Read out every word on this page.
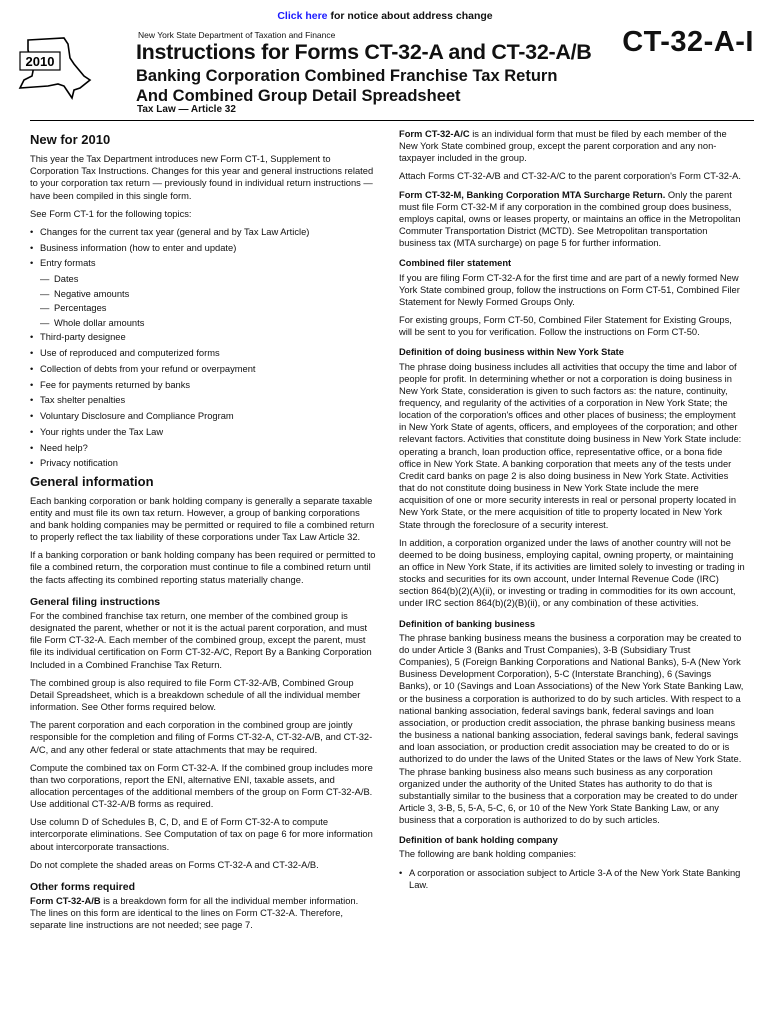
Click here for notice about address change
2010
New York State Department of Taxation and Finance	CT-32-A-I
Instructions for Forms CT-32-A and CT-32-A/B
Banking Corporation Combined Franchise Tax Return
And Combined Group Detail Spreadsheet
Tax Law — Article 32
New for 2010

This year the Tax Department introduces new Form CT-1, Supplement to Corporation Tax Instructions. Changes for this year and general instructions related to your corporation tax return — previously found in individual return instructions — have been compiled in this single form.

See Form CT-1 for the following topics:

• Changes for the current tax year (general and by Tax Law Article)
• Business information (how to enter and update)
• Entry formats
— Dates
— Negative amounts
— Percentages
— Whole dollar amounts
• Third-party designee
• Use of reproduced and computerized forms
• Collection of debts from your refund or overpayment
• Fee for payments returned by banks
• Tax shelter penalties
• Voluntary Disclosure and Compliance Program
• Your rights under the Tax Law
• Need help?
• Privacy notification
General information

Each banking corporation or bank holding company is generally a separate taxable entity and must file its own tax return. However, a group of banking corporations and bank holding companies may be permitted or required to file a combined return to properly reflect the tax liability of these corporations under Tax Law Article 32.

If a banking corporation or bank holding company has been required or permitted to file a combined return, the corporation must continue to file a combined return until the facts affecting its combined reporting status materially change.

General filing instructions

For the combined franchise tax return, one member of the combined group is designated the parent, whether or not it is the actual parent corporation, and must file Form CT-32-A. Each member of the combined group, except the parent, must file its individual certification on Form CT-32-A/C, Report By a Banking Corporation Included in a Combined Franchise Tax Return.

The combined group is also required to file Form CT-32-A/B, Combined Group Detail Spreadsheet, which is a breakdown schedule of all the individual member information. See Other forms required below.

The parent corporation and each corporation in the combined group are jointly responsible for the completion and filing of Forms CT-32-A, CT-32-A/B, and CT-32-A/C, and any other federal or state attachments that may be required.

Compute the combined tax on Form CT-32-A. If the combined group includes more than two corporations, report the ENI, alternative ENI, taxable assets, and allocation percentages of the additional members of the group on Form CT-32-A/B. Use additional CT-32-A/B forms as required.

Use column D of Schedules B, C, D, and E of Form CT-32-A to compute intercorporate eliminations. See Computation of tax on page 6 for more information about intercorporate transactions.

Do not complete the shaded areas on Forms CT-32-A and CT-32-A/B.

Other forms required

Form CT-32-A/B is a breakdown form for all the individual member information. The lines on this form are identical to the lines on Form CT-32-A. Therefore, separate line instructions are not needed; see page 7.

Form CT-32-A/C is an individual form that must be filed by each member of the New York State combined group, except the parent corporation and any non-taxpayer included in the group.

Attach Forms CT-32-A/B and CT-32-A/C to the parent corporation's Form CT-32-A.

Form CT-32-M, Banking Corporation MTA Surcharge Return. Only the parent must file Form CT-32-M if any corporation in the combined group does business, employs capital, owns or leases property, or maintains an office in the Metropolitan Commuter Transportation District (MCTD). See Metropolitan transportation business tax (MTA surcharge) on page 5 for further information.

Combined filer statement

If you are filing Form CT-32-A for the first time and are part of a newly formed New York State combined group, follow the instructions on Form CT-51, Combined Filer Statement for Newly Formed Groups Only.

For existing groups, Form CT-50, Combined Filer Statement for Existing Groups, will be sent to you for verification. Follow the instructions on Form CT-50.

Definition of doing business within New York State

The phrase doing business includes all activities that occupy the time and labor of people for profit. In determining whether or not a corporation is doing business in New York State, consideration is given to such factors as: the nature, continuity, frequency, and regularity of the activities of a corporation in New York State; the location of the corporation's offices and other places of business; the employment in New York State of agents, officers, and employees of the corporation; and other relevant factors. Activities that constitute doing business in New York State include: operating a branch, loan production office, representative office, or a bona fide office in New York State. A banking corporation that meets any of the tests under Credit card banks on page 2 is also doing business in New York State. Activities that do not constitute doing business in New York State include the mere acquisition of one or more security interests in real or personal property located in New York State, or the mere acquisition of title to property located in New York State through the foreclosure of a security interest.

In addition, a corporation organized under the laws of another country will not be deemed to be doing business, employing capital, owning property, or maintaining an office in New York State, if its activities are limited solely to investing or trading in stocks and securities for its own account, under Internal Revenue Code (IRC) section 864(b)(2)(A)(ii), or investing or trading in commodities for its own account, under IRC section 864(b)(2)(B)(ii), or any combination of these activities.

Definition of banking business

The phrase banking business means the business a corporation may be created to do under Article 3 (Banks and Trust Companies), 3-B (Subsidiary Trust Companies), 5 (Foreign Banking Corporations and National Banks), 5-A (New York Business Development Corporation), 5-C (Interstate Branching), 6 (Savings Banks), or 10 (Savings and Loan Associations) of the New York State Banking Law, or the business a corporation is authorized to do by such articles. With respect to a national banking association, federal savings bank, federal savings and loan association, or production credit association, the phrase banking business means the business a national banking association, federal savings bank, federal savings and loan association, or production credit association may be created to do or is authorized to do under the laws of the United States or the laws of New York State. The phrase banking business also means such business as any corporation organized under the authority of the United States has authority to do that is substantially similar to the business that a corporation may be created to do under Article 3, 3-B, 5, 5-A, 5-C, 6, or 10 of the New York State Banking Law, or any business that a corporation is authorized to do by such articles.

Definition of bank holding company

The following are bank holding companies:

• A corporation or association subject to Article 3-A of the New York State Banking Law.
